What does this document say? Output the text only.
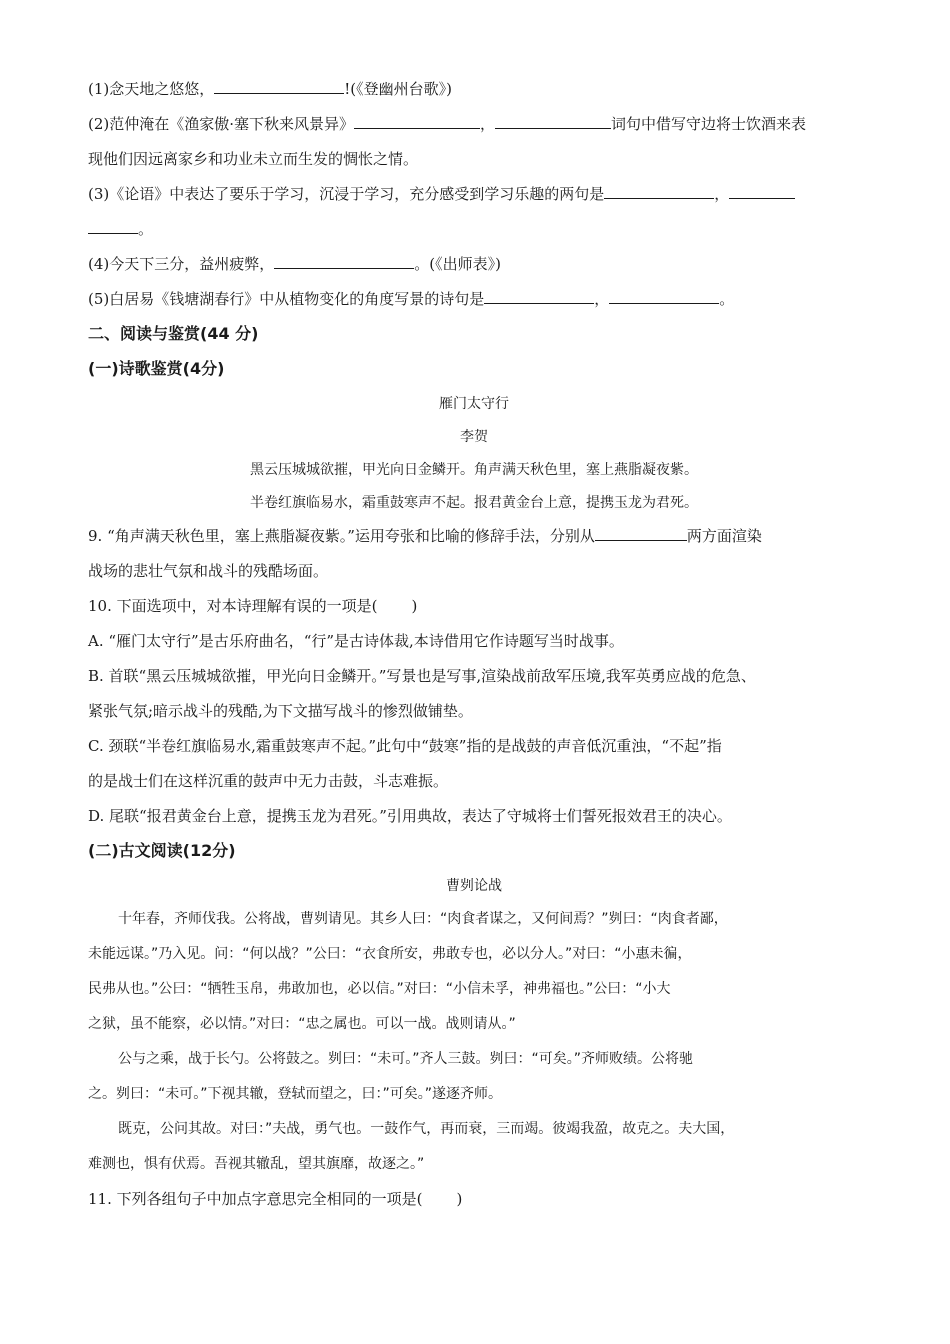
(1)念天地之悠悠，	!(《登幽州台歌》)
(2)范仲淹在《渔家傲·塞下秋来风景异》	，	词句中借写守边将士饮酒来表
现他们因远离家乡和功业未立而生发的惆怅之情。
(3)《论语》中表达了要乐于学习，沉浸于学习，充分感受到学习乐趣的两句是	，
。
(4)今天下三分，益州疲弊，	。(《出师表》)
(5)白居易《钱塘湖春行》中从植物变化的角度写景的诗句是	，	。
二、阅读与鉴赏(44 分)
(一)诗歌鉴赏(4分)
雁门太守行
李贺
黑云压城城欲摧，甲光向日金鳞开。角声满天秋色里，塞上燕脂凝夜紫。
半卷红旗临易水，霜重鼓寒声不起。报君黄金台上意，提携玉龙为君死。
9. “角声满天秋色里，塞上燕脂凝夜紫。”运用夸张和比喻的修辞手法，分别从	两方面渲染
战场的悲壮气氛和战斗的残酷场面。
10. 下面选项中，对本诗理解有误的一项是( )
A. “雁门太守行”是古乐府曲名，“行”是古诗体裁,本诗借用它作诗题写当时战事。
B. 首联“黑云压城城欲摧，甲光向日金鳞开。”写景也是写事,渲染战前敌军压境,我军英勇应战的危急、
紧张气氛;暗示战斗的残酷,为下文描写战斗的惨烈做铺垫。
C. 颈联“半卷红旗临易水,霜重鼓寒声不起。”此句中“鼓寒”指的是战鼓的声音低沉重浊，“不起”指
的是战士们在这样沉重的鼓声中无力击鼓，斗志难振。
D. 尾联“报君黄金台上意，提携玉龙为君死。”引用典故，表达了守城将士们誓死报效君王的决心。
(二)古文阅读(12分)
曹刿论战
十年春，齐师伐我。公将战，曹刿请见。其乡人曰：“肉食者谋之，又何间焉？”刿曰：“肉食者鄙，
未能远谋。”乃入见。问：“何以战？”公曰：“衣食所安，弗敢专也，必以分人。”对曰：“小惠未徧，
民弗从也。”公曰：“牺牲玉帛，弗敢加也，必以信。”对曰：“小信未孚，神弗福也。”公曰：“小大
之狱，虽不能察，必以情。”对曰：“忠之属也。可以一战。战则请从。”
公与之乘，战于长勺。公将鼓之。刿曰：“未可。”齐人三鼓。刿曰：“可矣。”齐师败绩。公将驰
之。刿曰：“未可。”下视其辙，登轼而望之，曰：”可矣。”遂逐齐师。
既克，公问其故。对曰：”夫战，勇气也。一鼓作气，再而衰，三而竭。彼竭我盈，故克之。夫大国，
难测也，惧有伏焉。吾视其辙乱，望其旗靡，故逐之。”
11. 下列各组句子中加点字意思完全相同的一项是( )
